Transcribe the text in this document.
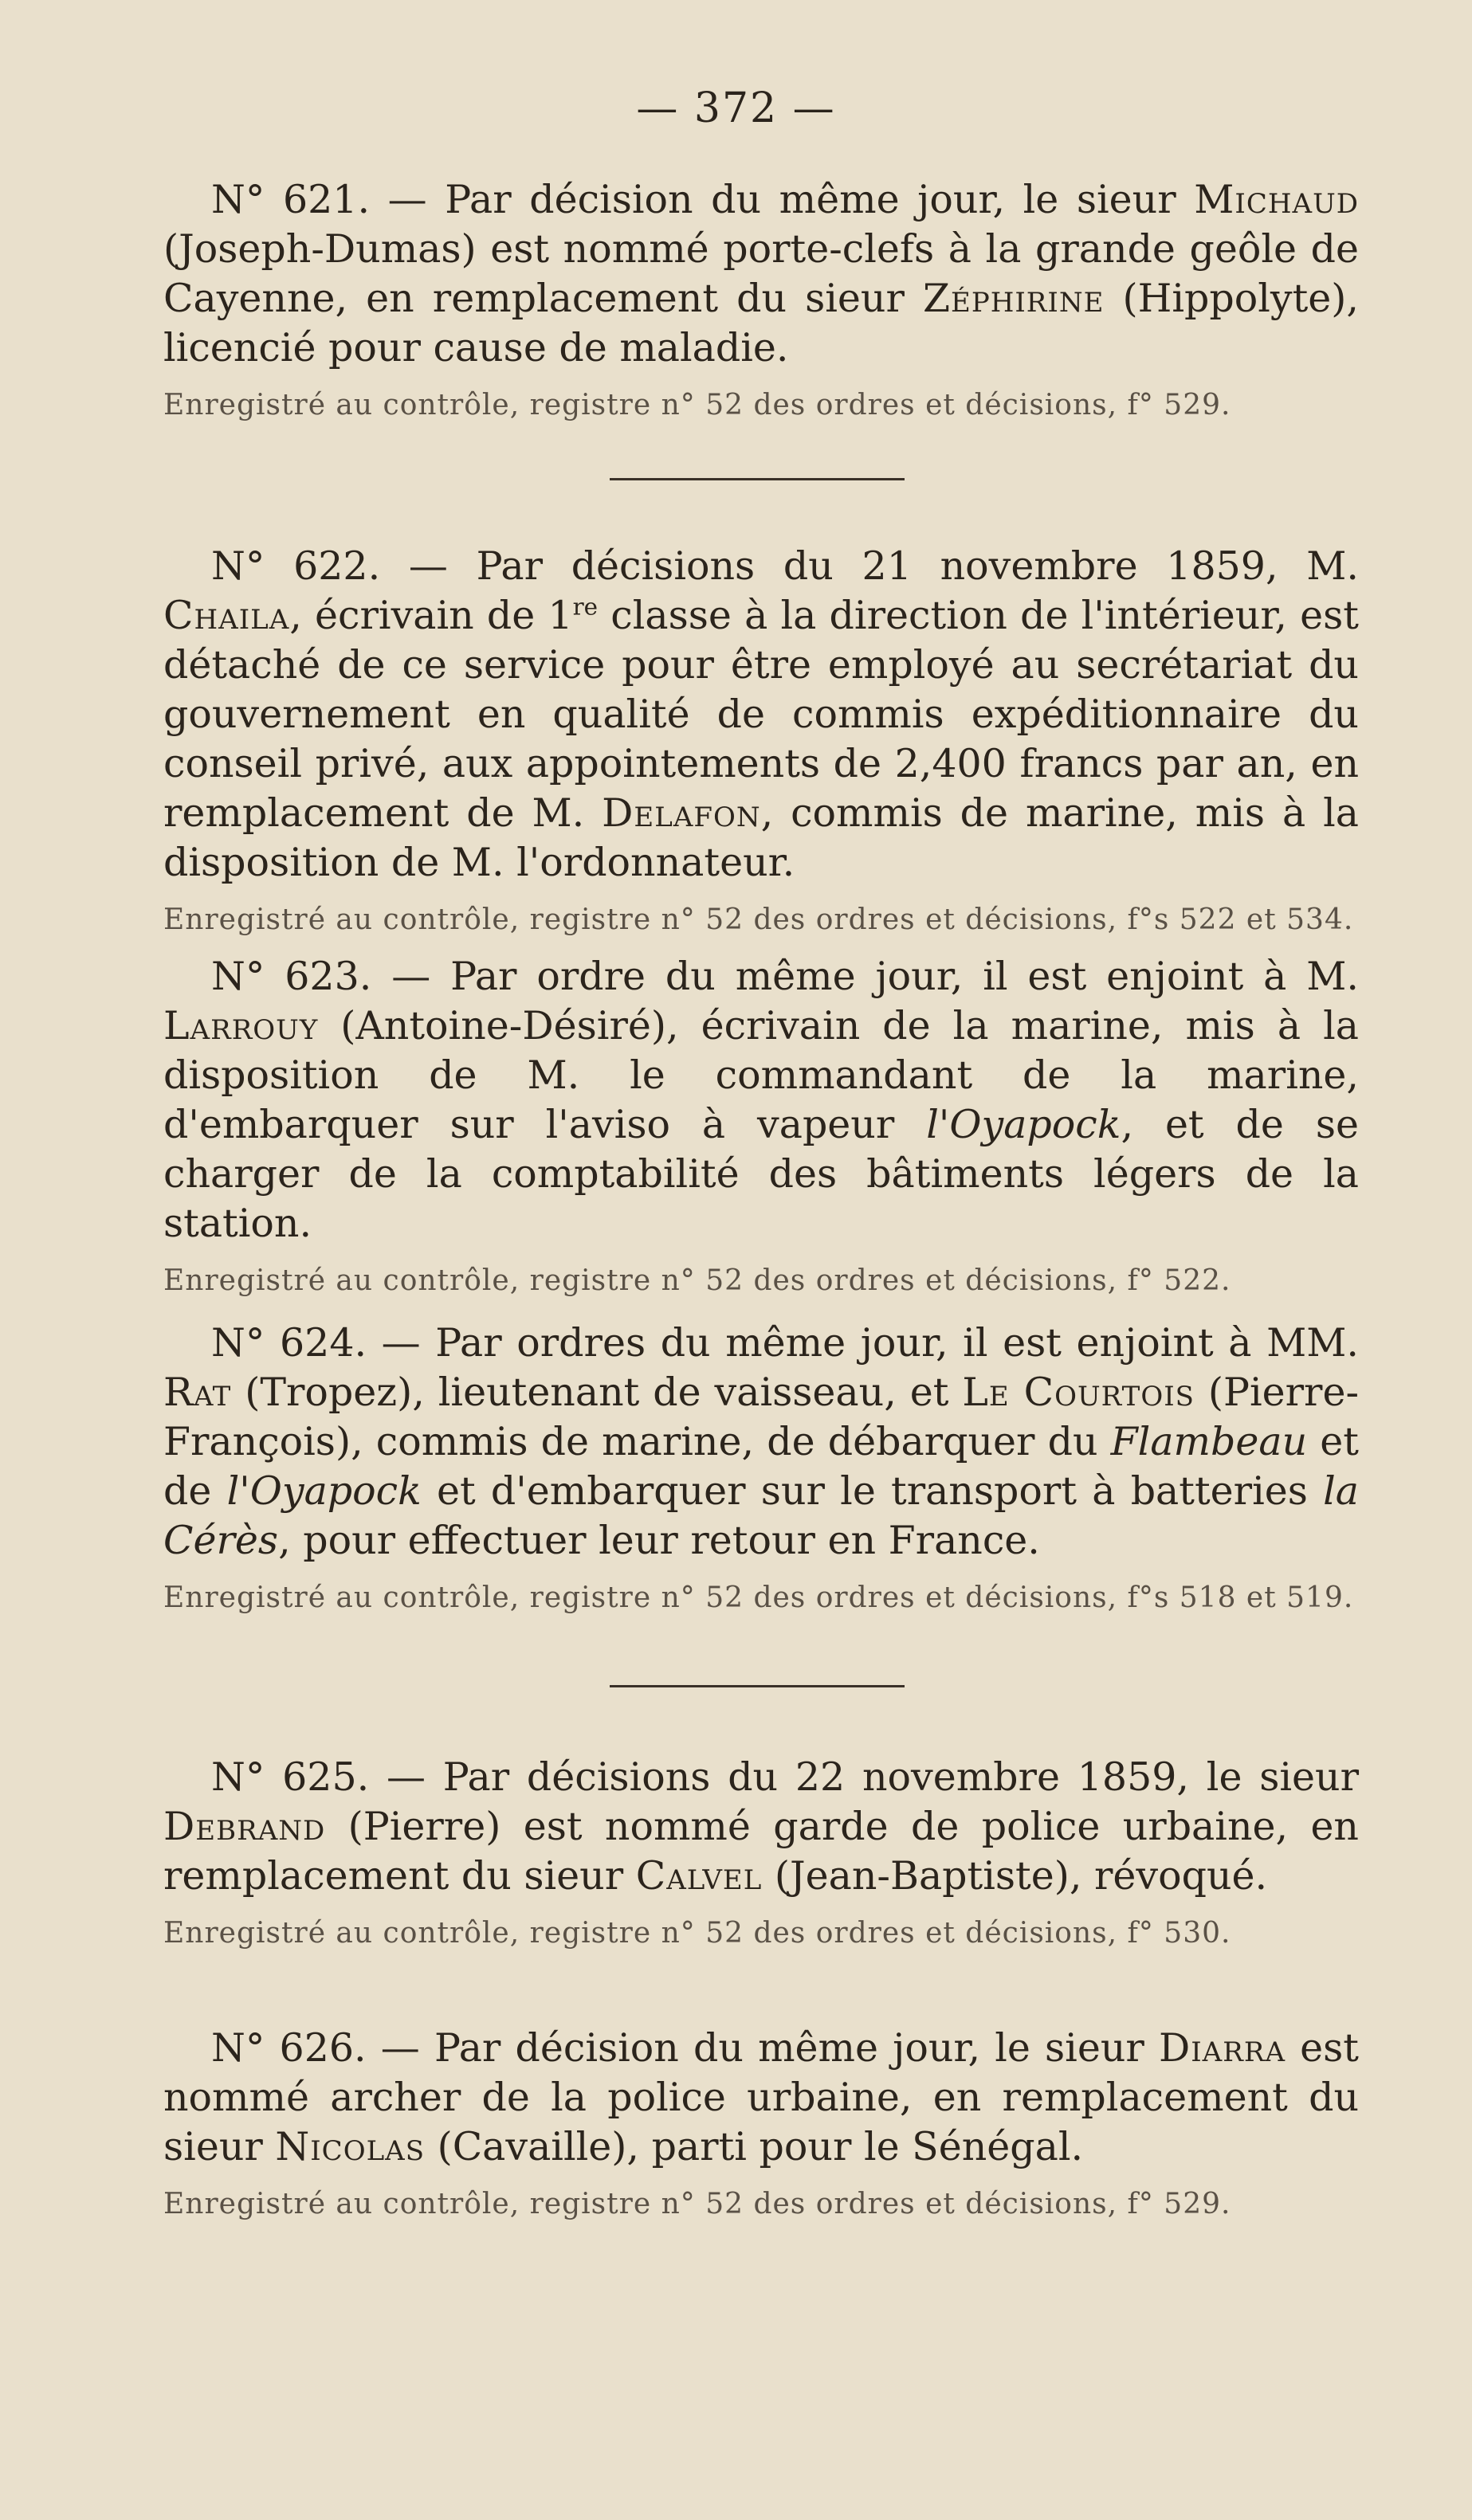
— 372 —

N° 621. — Par décision du même jour, le sieur Michaud (Joseph-Dumas) est nommé porte-clefs à la grande geôle de Cayenne, en remplacement du sieur Zéphirine (Hippolyte), licencié pour cause de maladie.

Enregistré au contrôle, registre n° 52 des ordres et décisions, f° 529.

N° 622. — Par décisions du 21 novembre 1859, M. Chaila, écrivain de 1re classe à la direction de l'intérieur, est détaché de ce service pour être employé au secrétariat du gouvernement en qualité de commis expéditionnaire du conseil privé, aux appointements de 2,400 francs par an, en remplacement de M. Delafon, commis de marine, mis à la disposition de M. l'ordonnateur.

Enregistré au contrôle, registre n° 52 des ordres et décisions, f°s 522 et 534.

N° 623. — Par ordre du même jour, il est enjoint à M. Larrouy (Antoine-Désiré), écrivain de la marine, mis à la disposition de M. le commandant de la marine, d'embarquer sur l'aviso à vapeur l'Oyapock, et de se charger de la comptabilité des bâtiments légers de la station.

Enregistré au contrôle, registre n° 52 des ordres et décisions, f° 522.

N° 624. — Par ordres du même jour, il est enjoint à MM. Rat (Tropez), lieutenant de vaisseau, et Le Courtois (Pierre-François), commis de marine, de débarquer du Flambeau et de l'Oyapock et d'embarquer sur le transport à batteries la Cérès, pour effectuer leur retour en France.

Enregistré au contrôle, registre n° 52 des ordres et décisions, f°s 518 et 519.

N° 625. — Par décisions du 22 novembre 1859, le sieur Debrand (Pierre) est nommé garde de police urbaine, en remplacement du sieur Calvel (Jean-Baptiste), révoqué.

Enregistré au contrôle, registre n° 52 des ordres et décisions, f° 530.

N° 626. — Par décision du même jour, le sieur Diarra est nommé archer de la police urbaine, en remplacement du sieur Nicolas (Cavaille), parti pour le Sénégal.

Enregistré au contrôle, registre n° 52 des ordres et décisions, f° 529.
